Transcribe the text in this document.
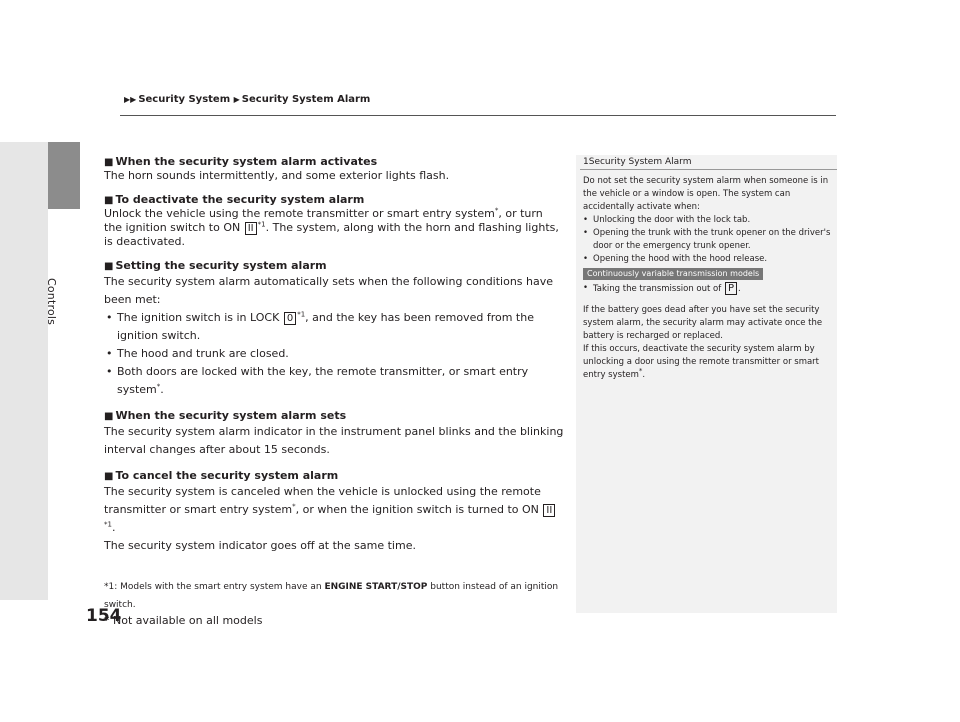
Controls
▶▶ Security System ▶ Security System Alarm
■ When the security system alarm activates

The horn sounds intermittently, and some exterior lights flash.

■ To deactivate the security system alarm

Unlock the vehicle using the remote transmitter or smart entry system*, or turn the ignition switch to ON II $^{*1}$. The system, along with the horn and flashing lights, is deactivated.

■ Setting the security system alarm

The security system alarm automatically sets when the following conditions have been met:

• The ignition switch is in LOCK 0 $^{*1}$, and the key has been removed from the ignition switch.
• The hood and trunk are closed.
• Both doors are locked with the key, the remote transmitter, or smart entry system*.
■ When the security system alarm sets

The security system alarm indicator in the instrument panel blinks and the blinking interval changes after about 15 seconds.

■ To cancel the security system alarm

The security system is canceled when the vehicle is unlocked using the remote transmitter or smart entry system*, or when the ignition switch is turned to ON II$^{*1}$.

The security system indicator goes off at the same time.

*1: Models with the smart entry system have an ENGINE START/STOP button instead of an ignition switch.
154
* Not available on all models
1Security System Alarm

Do not set the security system alarm when someone is in the vehicle or a window is open. The system can accidentally activate when:

• Unlocking the door with the lock tab.
• Opening the trunk with the trunk opener on the driver's door or the emergency trunk opener.
• Opening the hood with the hood release.
Continuously variable transmission models
• Taking the transmission out of P .

If the battery goes dead after you have set the security system alarm, the security alarm may activate once the battery is recharged or replaced.

If this occurs, deactivate the security system alarm by unlocking a door using the remote transmitter or smart entry system*.
